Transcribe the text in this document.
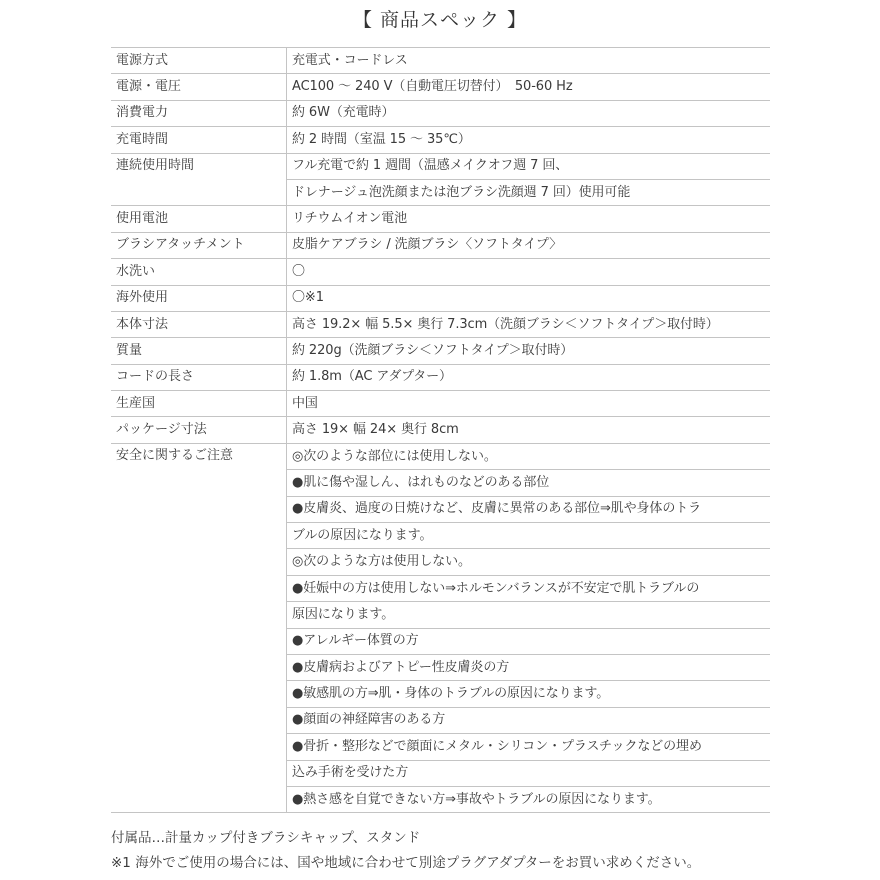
【 商品スペック 】
電源方式	充電式・コードレス
電源・電圧	AC100 〜 240 V（自動電圧切替付）　50-60 Hz
消費電力	約 6W（充電時）
充電時間	約 2 時間（室温 15 〜 35℃）
連続使用時間	フル充電で約 1 週間（温感メイクオフ週 7 回、
	ドレナージュ泡洗顔または泡ブラシ洗顔週 7 回）使用可能
使用電池	リチウムイオン電池
ブラシアタッチメント	皮脂ケアブラシ / 洗顔ブラシ〈ソフトタイプ〉
水洗い	〇
海外使用	〇※1
本体寸法	高さ 19.2× 幅 5.5× 奥行 7.3cm（洗顔ブラシ＜ソフトタイプ＞取付時）
質量	約 220g（洗顔ブラシ＜ソフトタイプ＞取付時）
コードの長さ	約 1.8m（AC アダプター）
生産国	中国
パッケージ寸法	高さ 19× 幅 24× 奥行 8cm
安全に関するご注意	◎次のような部位には使用しない。
	●肌に傷や湿しん、はれものなどのある部位
	●皮膚炎、過度の日焼けなど、皮膚に異常のある部位⇒肌や身体のトラ
	ブルの原因になります。
	◎次のような方は使用しない。
	●妊娠中の方は使用しない⇒ホルモンバランスが不安定で肌トラブルの
	原因になります。
	●アレルギー体質の方
	●皮膚病およびアトピー性皮膚炎の方
	●敏感肌の方⇒肌・身体のトラブルの原因になります。
	●顔面の神経障害のある方
	●骨折・整形などで顔面にメタル・シリコン・プラスチックなどの埋め
	込み手術を受けた方
	●熱さ感を自覚できない方⇒事故やトラブルの原因になります。
付属品…計量カップ付きブラシキャップ、スタンド
※1 海外でご使用の場合には、国や地域に合わせて別途プラグアダプターをお買い求めください。
